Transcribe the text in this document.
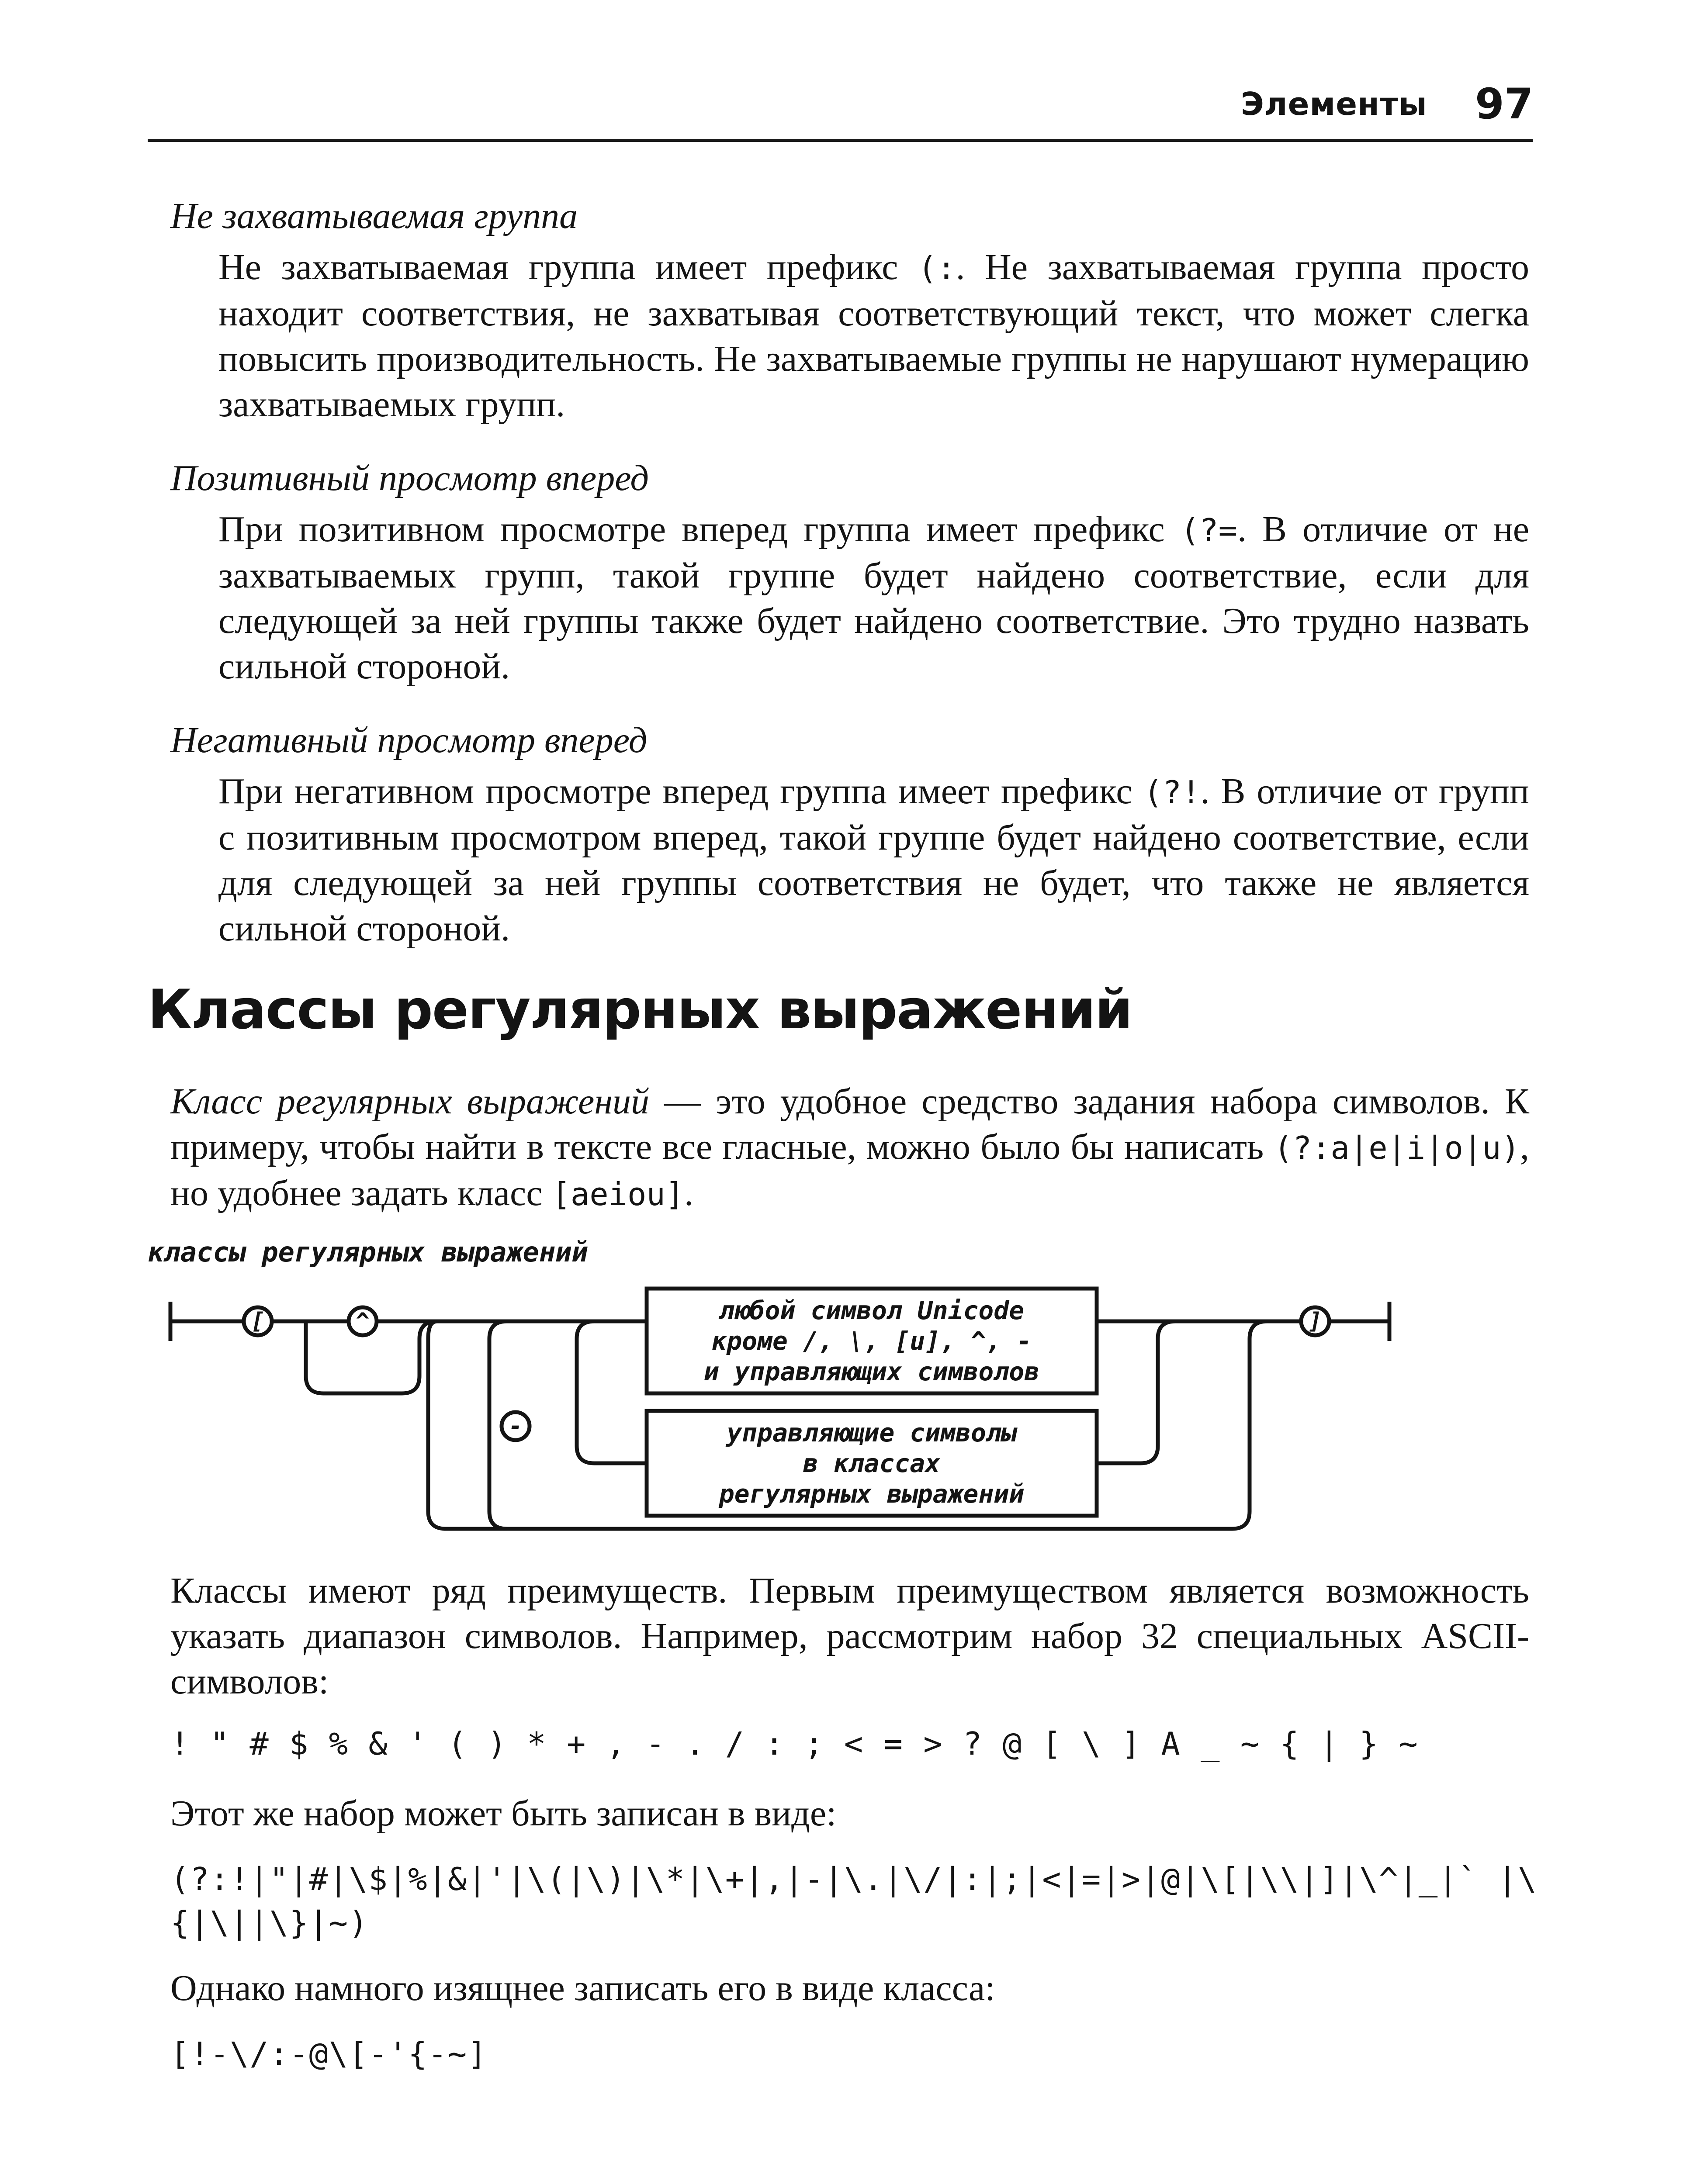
Элементы 97
Не захватываемая группа
Не захватываемая группа имеет префикс (:. Не захватываемая группа просто находит соответствия, не захватывая соответствующий текст, что может слегка повысить производительность. Не захватываемые группы не нарушают нумерацию захватываемых групп.
Позитивный просмотр вперед
При позитивном просмотре вперед группа имеет префикс (?=. В отличие от не захватываемых групп, такой группе будет найдено соответствие, если для следующей за ней группы также будет найдено соответствие. Это трудно назвать сильной стороной.
Негативный просмотр вперед
При негативном просмотре вперед группа имеет префикс (?!. В отличие от групп с позитивным просмотром вперед, такой группе будет найдено соответствие, если для следующей за ней группы соответствия не будет, что также не является сильной стороной.
Классы регулярных выражений
Класс регулярных выражений — это удобное средство задания набора символов. К примеру, чтобы найти в тексте все гласные, можно было бы написать (?:a|e|i|o|u), но удобнее задать класс [aeiou].
классы регулярных выражений
[	^
-
]
любой символ Unicode
кроме /, \, [u], ^, -
и управляющих символов
управляющие символы
в классах
регулярных выражений
Классы имеют ряд преимуществ. Первым преимуществом является возможность указать диапазон символов. Например, рассмотрим набор 32 специальных ASCII-символов:
! " # $ % & ' ( ) * + , - . / : ; < = > ? @ [ \ ] A _ ~ { | } ~
Этот же набор может быть записан в виде:
(?:!|"|#|\$|%|&|'|\(|\)|\*|\+|,|-|\.|\/|:|;|<|=|>|@|\[|\\|]|\^|_|` |\
{|\||\}|~)
Однако намного изящнее записать его в виде класса:
[!-\/:-@\[-'{-~]
